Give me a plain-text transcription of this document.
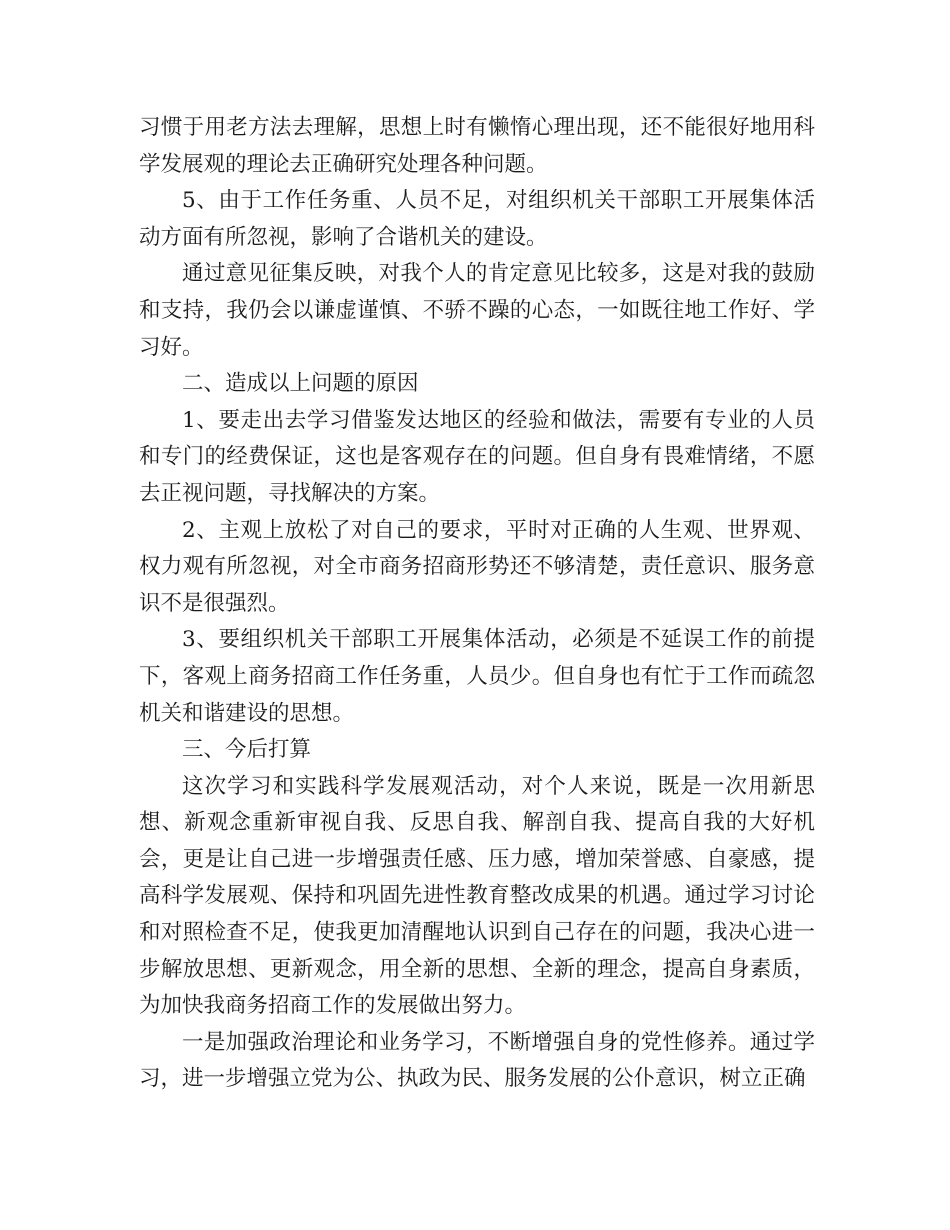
习惯于用老方法去理解，思想上时有懒惰心理出现，还不能很好地用科学发展观的理论去正确研究处理各种问题。

5、由于工作任务重、人员不足，对组织机关干部职工开展集体活动方面有所忽视，影响了合谐机关的建设。

通过意见征集反映，对我个人的肯定意见比较多，这是对我的鼓励和支持，我仍会以谦虚谨慎、不骄不躁的心态，一如既往地工作好、学习好。

二、造成以上问题的原因

1、要走出去学习借鉴发达地区的经验和做法，需要有专业的人员和专门的经费保证，这也是客观存在的问题。但自身有畏难情绪，不愿去正视问题，寻找解决的方案。

2、主观上放松了对自己的要求，平时对正确的人生观、世界观、权力观有所忽视，对全市商务招商形势还不够清楚，责任意识、服务意识不是很强烈。

3、要组织机关干部职工开展集体活动，必须是不延误工作的前提下，客观上商务招商工作任务重，人员少。但自身也有忙于工作而疏忽机关和谐建设的思想。

三、今后打算

这次学习和实践科学发展观活动，对个人来说，既是一次用新思想、新观念重新审视自我、反思自我、解剖自我、提高自我的大好机会，更是让自己进一步增强责任感、压力感，增加荣誉感、自豪感，提高科学发展观、保持和巩固先进性教育整改成果的机遇。通过学习讨论和对照检查不足，使我更加清醒地认识到自己存在的问题，我决心进一步解放思想、更新观念，用全新的思想、全新的理念，提高自身素质，为加快我商务招商工作的发展做出努力。

一是加强政治理论和业务学习，不断增强自身的党性修养。通过学习，进一步增强立党为公、执政为民、服务发展的公仆意识，树立正确
